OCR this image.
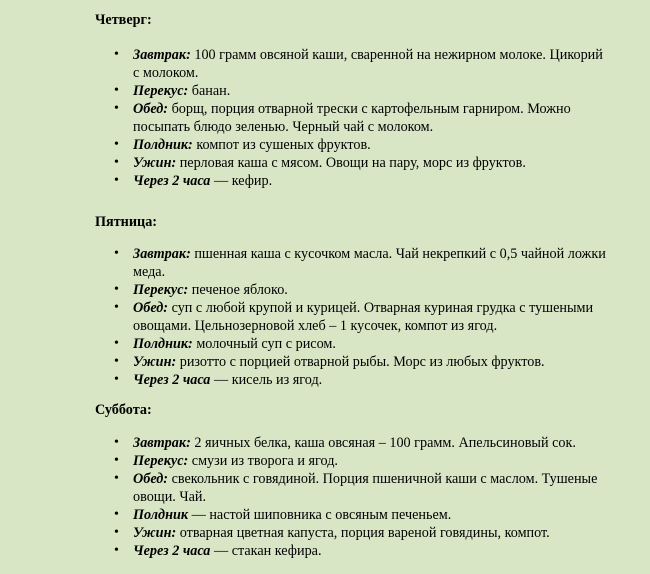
Четверг:
• Завтрак: 100 грамм овсяной каши, сваренной на нежирном молоке. Цикорий с молоком.
• Перекус: банан.
• Обед: борщ, порция отварной трески с картофельным гарниром. Можно посыпать блюдо зеленью. Черный чай с молоком.
• Полдник: компот из сушеных фруктов.
• Ужин: перловая каша с мясом. Овощи на пару, морс из фруктов.
• Через 2 часа — кефир.
Пятница:
• Завтрак: пшенная каша с кусочком масла. Чай некрепкий с 0,5 чайной ложки меда.
• Перекус: печеное яблоко.
• Обед: суп с любой крупой и курицей. Отварная куриная грудка с тушеными овощами. Цельнозерновой хлеб – 1 кусочек, компот из ягод.
• Полдник: молочный суп с рисом.
• Ужин: ризотто с порцией отварной рыбы. Морс из любых фруктов.
• Через 2 часа — кисель из ягод.
Суббота:
• Завтрак: 2 яичных белка, каша овсяная – 100 грамм. Апельсиновый сок.
• Перекус: смузи из творога и ягод.
• Обед: свекольник с говядиной. Порция пшеничной каши с маслом. Тушеные овощи. Чай.
• Полдник — настой шиповника с овсяным печеньем.
• Ужин: отварная цветная капуста, порция вареной говядины, компот.
• Через 2 часа — стакан кефира.
